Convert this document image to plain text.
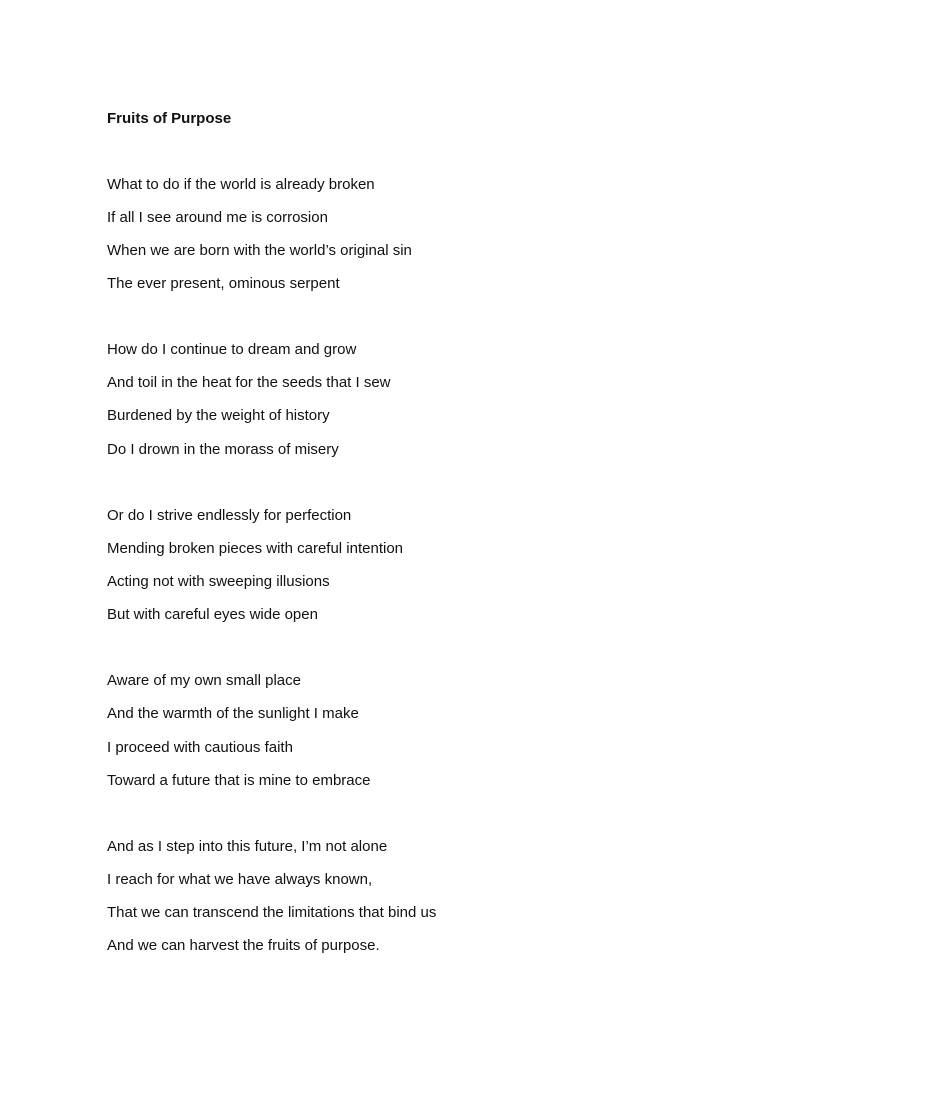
Fruits of Purpose

What to do if the world is already broken

If all I see around me is corrosion

When we are born with the world’s original sin

The ever present, ominous serpent

How do I continue to dream and grow

And toil in the heat for the seeds that I sew

Burdened by the weight of history

Do I drown in the morass of misery

Or do I strive endlessly for perfection

Mending broken pieces with careful intention

Acting not with sweeping illusions

But with careful eyes wide open

Aware of my own small place

And the warmth of the sunlight I make

I proceed with cautious faith

Toward a future that is mine to embrace

And as I step into this future, I’m not alone

I reach for what we have always known,

That we can transcend the limitations that bind us

And we can harvest the fruits of purpose.
